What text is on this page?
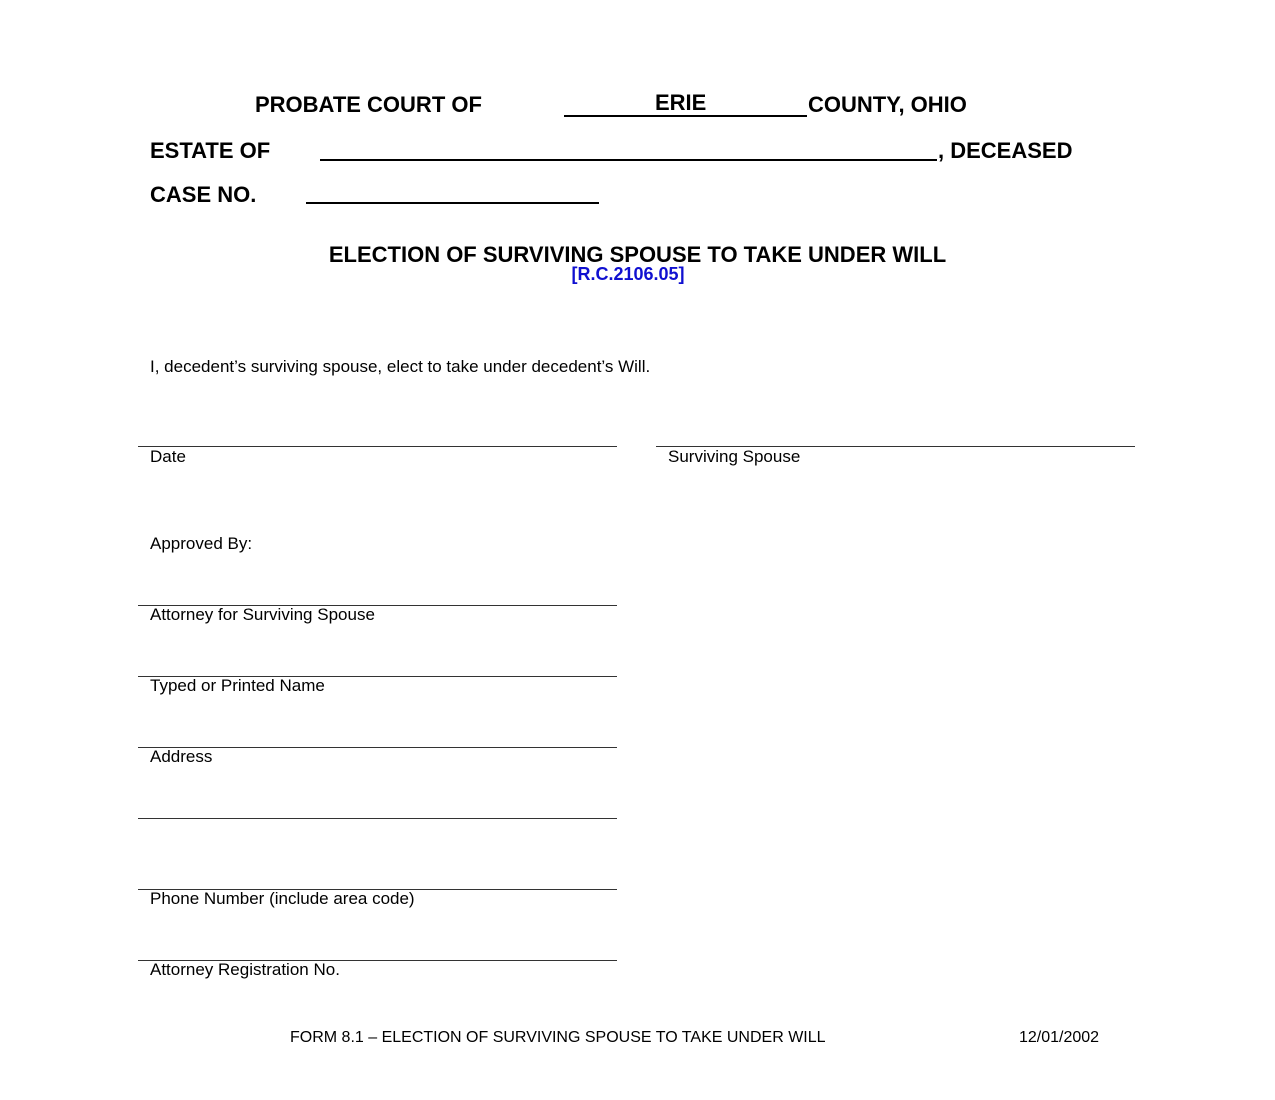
PROBATE COURT OF	ERIE	COUNTY, OHIO
ESTATE OF	, DECEASED
CASE NO.
ELECTION OF SURVIVING SPOUSE TO TAKE UNDER WILL
[R.C.2106.05]
I, decedent’s surviving spouse, elect to take under decedent’s Will.
Date	Surviving Spouse
Approved By:
Attorney for Surviving Spouse
Typed or Printed Name
Address
Phone Number (include area code)
Attorney Registration No.
FORM 8.1 – ELECTION OF SURVIVING SPOUSE TO TAKE UNDER WILL	12/01/2002
